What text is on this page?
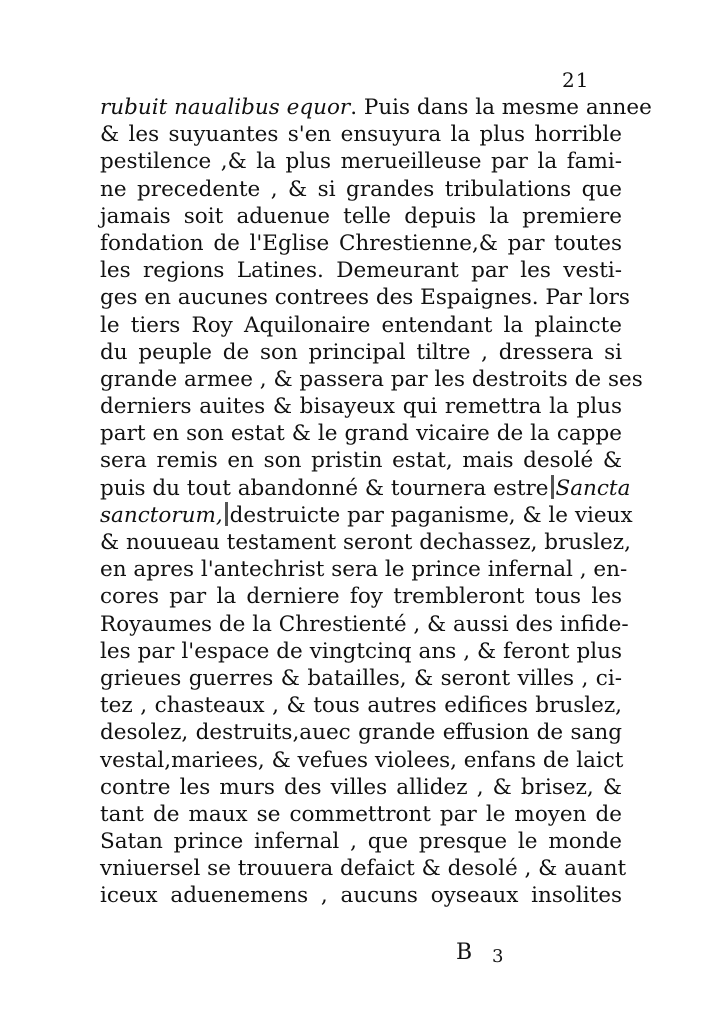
21
rubuit naualibus equor. Puis dans la mesme annee
& les suyuantes s'en ensuyura la plus horrible
pestilence ,& la plus merueilleuse par la fami-
ne precedente , & si grandes tribulations que
jamais soit aduenue telle depuis la premiere
fondation de l'Eglise Chrestienne,& par toutes
les regions Latines. Demeurant par les vesti-
ges en aucunes contrees des Espaignes. Par lors
le tiers Roy Aquilonaire entendant la plaincte
du peuple de son principal tiltre , dressera si
grande armee , & passera par les destroits de ses
derniers auites & bisayeux qui remettra la plus
part en son estat & le grand vicaire de la cappe
sera remis en son pristin estat, mais desolé &
puis du tout abandonné & tournera estre Sancta
sanctorum, destruicte par paganisme, & le vieux
& nouueau testament seront dechassez, bruslez,
en apres l'antechrist sera le prince infernal , en-
cores par la derniere foy trembleront tous les
Royaumes de la Chrestienté , & aussi des infide-
les par l'espace de vingtcinq ans , & feront plus
grieues guerres & batailles, & seront villes , ci-
tez , chasteaux , & tous autres edifices bruslez,
desolez, destruits,auec grande effusion de sang
vestal,mariees, & vefues violees, enfans de laict
contre les murs des villes allidez , & brisez, &
tant de maux se commettront par le moyen de
Satan prince infernal , que presque le monde
vniuersel se trouuera defaict & desolé , & auant
iceux aduenemens , aucuns oyseaux insolites
B 3
